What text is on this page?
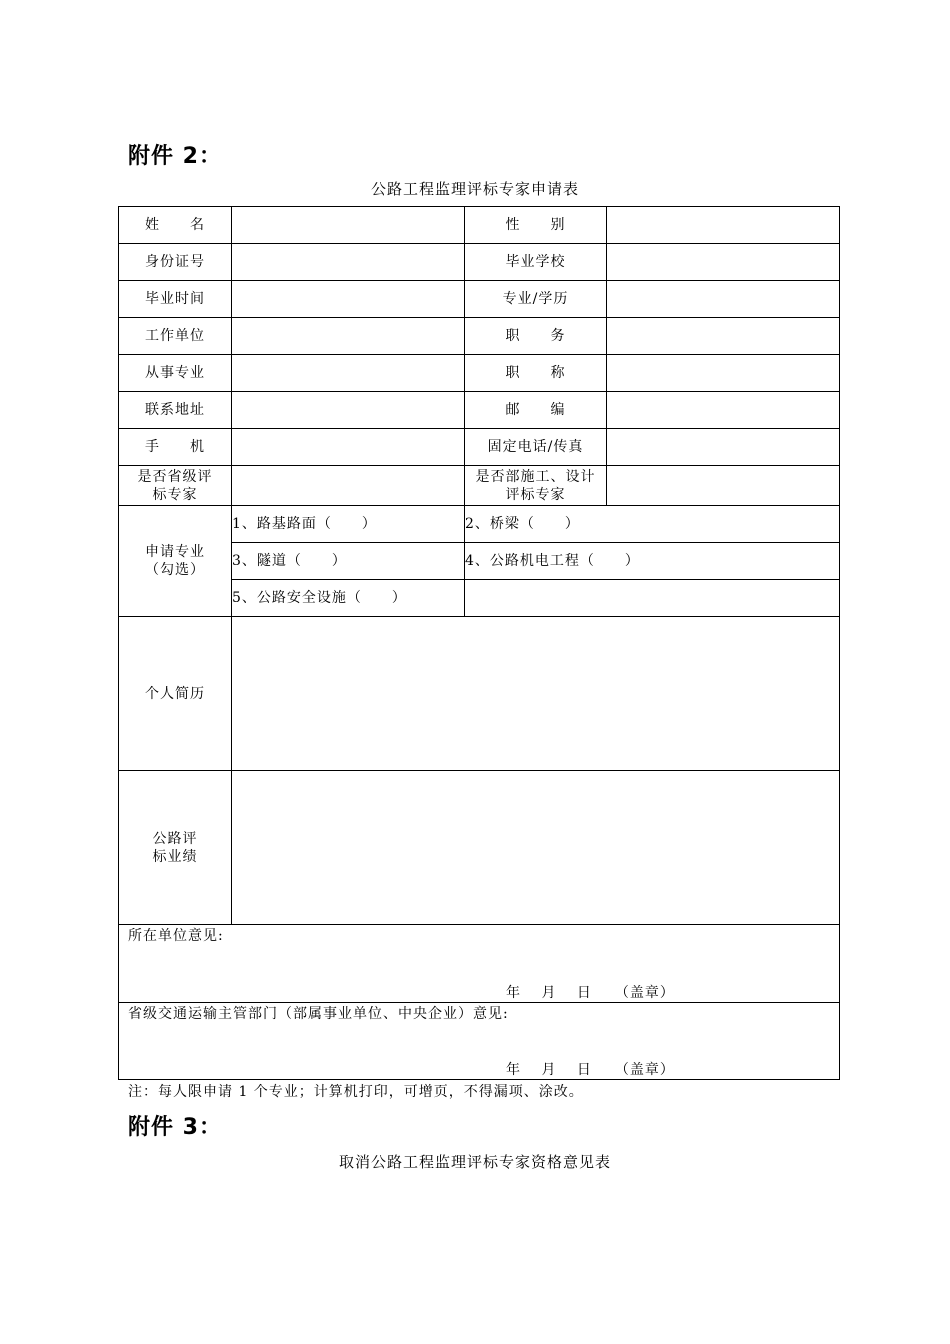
附件 2：
公路工程监理评标专家申请表
姓　　名		性　　别	
身份证号		毕业学校	
毕业时间		专业/学历	
工作单位		职　　务	
从事专业		职　　称	
联系地址		邮　　编	
手　　机		固定电话/传真	
是否省级评标专家		是否部施工、设计评标专家	
申请专业（勾选）	1、路基路面（　　）	2、桥梁（　　）	
	3、隧道（　　）	4、公路机电工程（　　）	
	5、公路安全设施（　　）		
个人简历			
公路评标业绩			

所在单位意见:
年　 月　 日　　（盖章）			

省级交通运输主管部门（部属事业单位、中央企业）意见:
年　 月　 日　　（盖章）			
注：每人限申请 1 个专业；计算机打印，可增页，不得漏项、涂改。
附件 3：
取消公路工程监理评标专家资格意见表
